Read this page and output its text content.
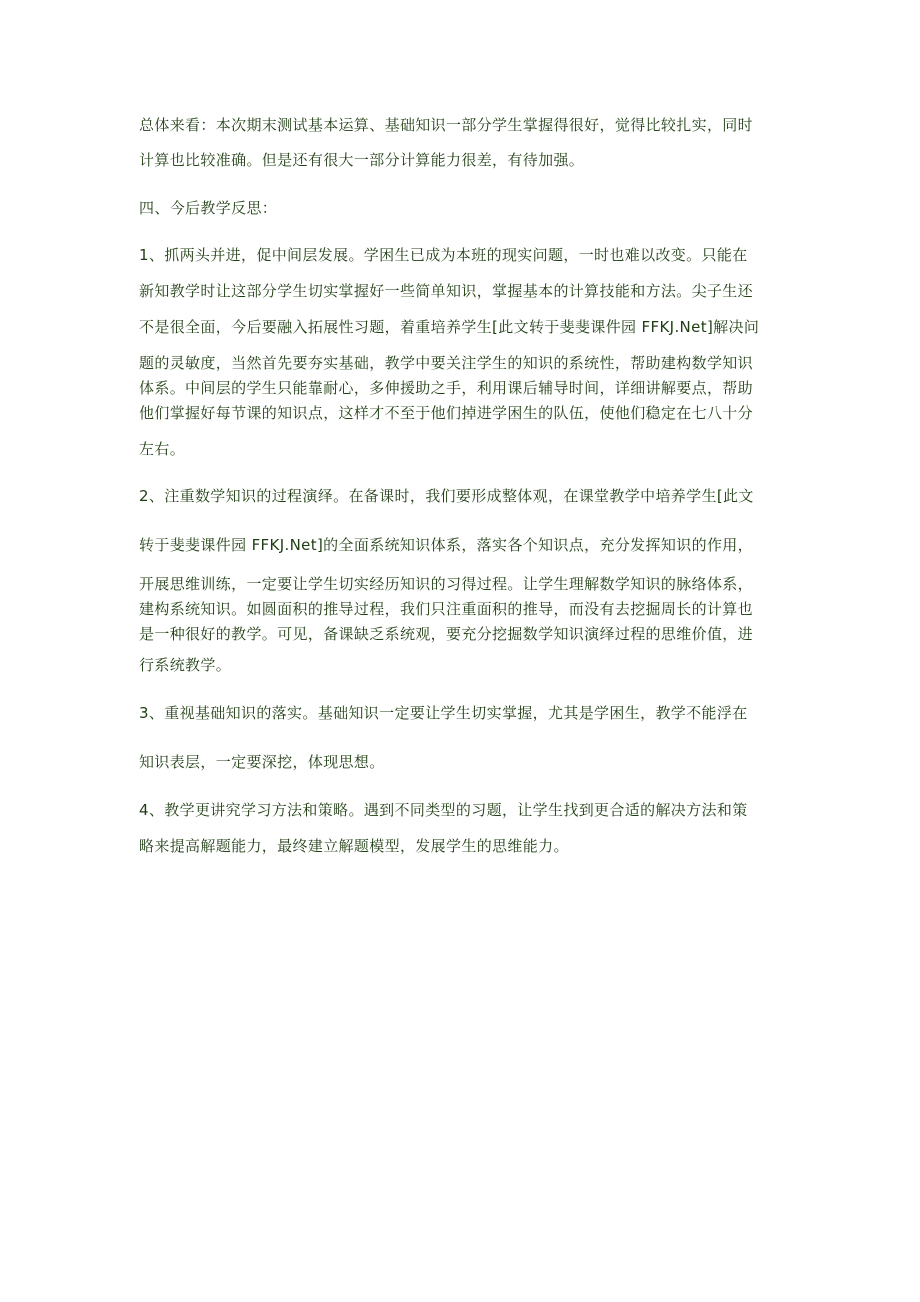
总体来看：本次期末测试基本运算、基础知识一部分学生掌握得很好，觉得比较扎实，同时
计算也比较准确。但是还有很大一部分计算能力很差，有待加强。
四、今后教学反思：
1、抓两头并进，促中间层发展。学困生已成为本班的现实问题，一时也难以改变。只能在
新知教学时让这部分学生切实掌握好一些简单知识，掌握基本的计算技能和方法。尖子生还
不是很全面，今后要融入拓展性习题，着重培养学生[此文转于斐斐课件园 FFKJ.Net]解决问
题的灵敏度，当然首先要夯实基础，教学中要关注学生的知识的系统性，帮助建构数学知识
体系。中间层的学生只能靠耐心，多伸援助之手，利用课后辅导时间，详细讲解要点，帮助
他们掌握好每节课的知识点，这样才不至于他们掉进学困生的队伍，使他们稳定在七八十分
左右。
2、注重数学知识的过程演绎。在备课时，我们要形成整体观，在课堂教学中培养学生[此文
转于斐斐课件园 FFKJ.Net]的全面系统知识体系，落实各个知识点，充分发挥知识的作用，
开展思维训练，一定要让学生切实经历知识的习得过程。让学生理解数学知识的脉络体系，
建构系统知识。如圆面积的推导过程，我们只注重面积的推导，而没有去挖掘周长的计算也
是一种很好的教学。可见，备课缺乏系统观，要充分挖掘数学知识演绎过程的思维价值，进
行系统教学。
3、重视基础知识的落实。基础知识一定要让学生切实掌握，尤其是学困生，教学不能浮在
知识表层，一定要深挖，体现思想。
4、教学更讲究学习方法和策略。遇到不同类型的习题，让学生找到更合适的解决方法和策
略来提高解题能力，最终建立解题模型，发展学生的思维能力。
